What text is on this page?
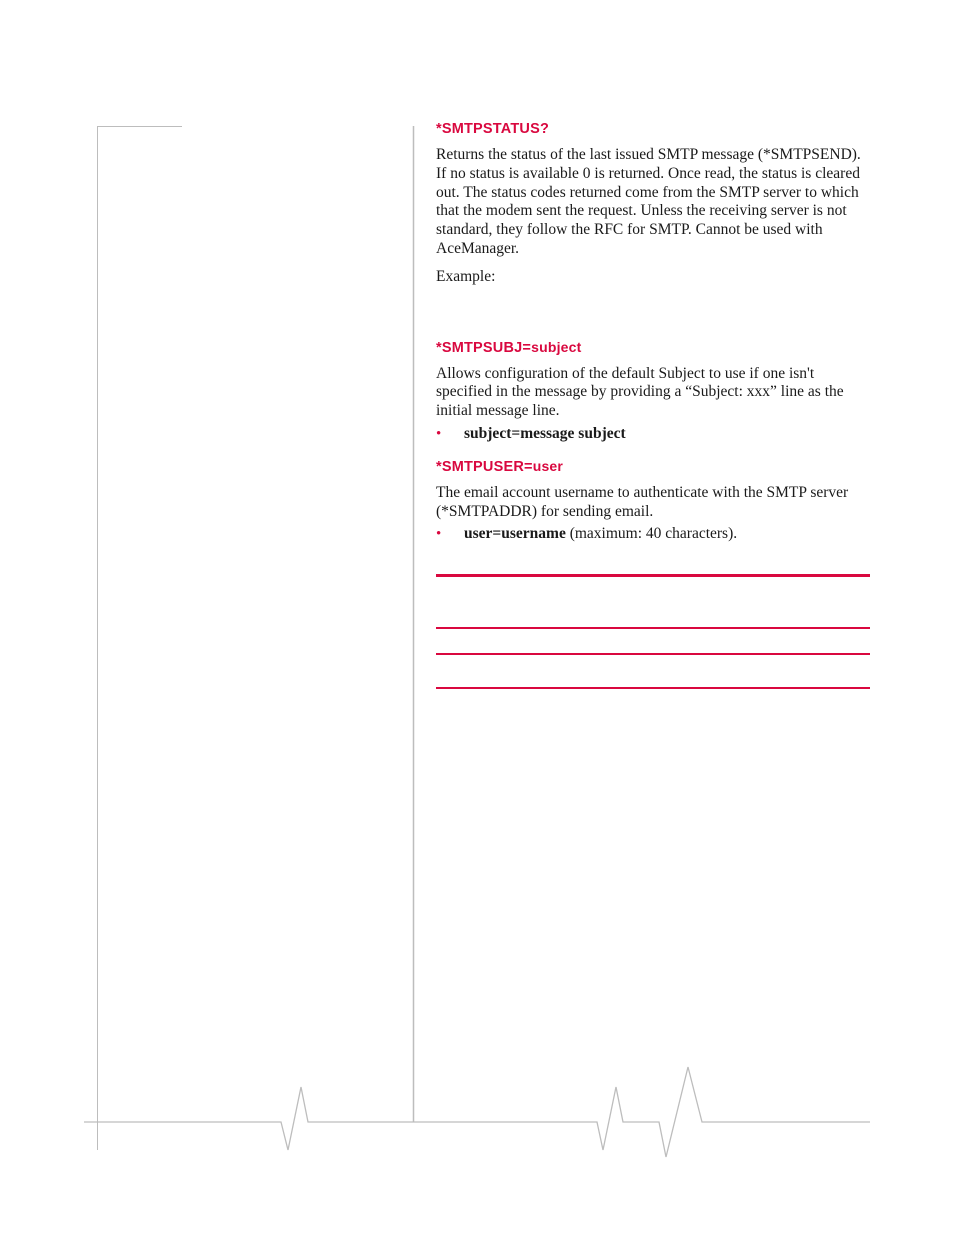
*SMTPSTATUS?

Returns the status of the last issued SMTP message (*SMTPSEND). If no status is available 0 is returned. Once read, the status is cleared out. The status codes returned come from the SMTP server to which that the modem sent the request. Unless the receiving server is not standard, they follow the RFC for SMTP. Cannot be used with AceManager.

Example:

*SMTPSUBJ=subject

Allows configuration of the default Subject to use if one isn't specified in the message by providing a “Subject: xxx” line as the initial message line.

• subject=message subject
*SMTPUSER=user

The email account username to authenticate with the SMTP server (*SMTPADDR) for sending email.

• user=username (maximum: 40 characters).
